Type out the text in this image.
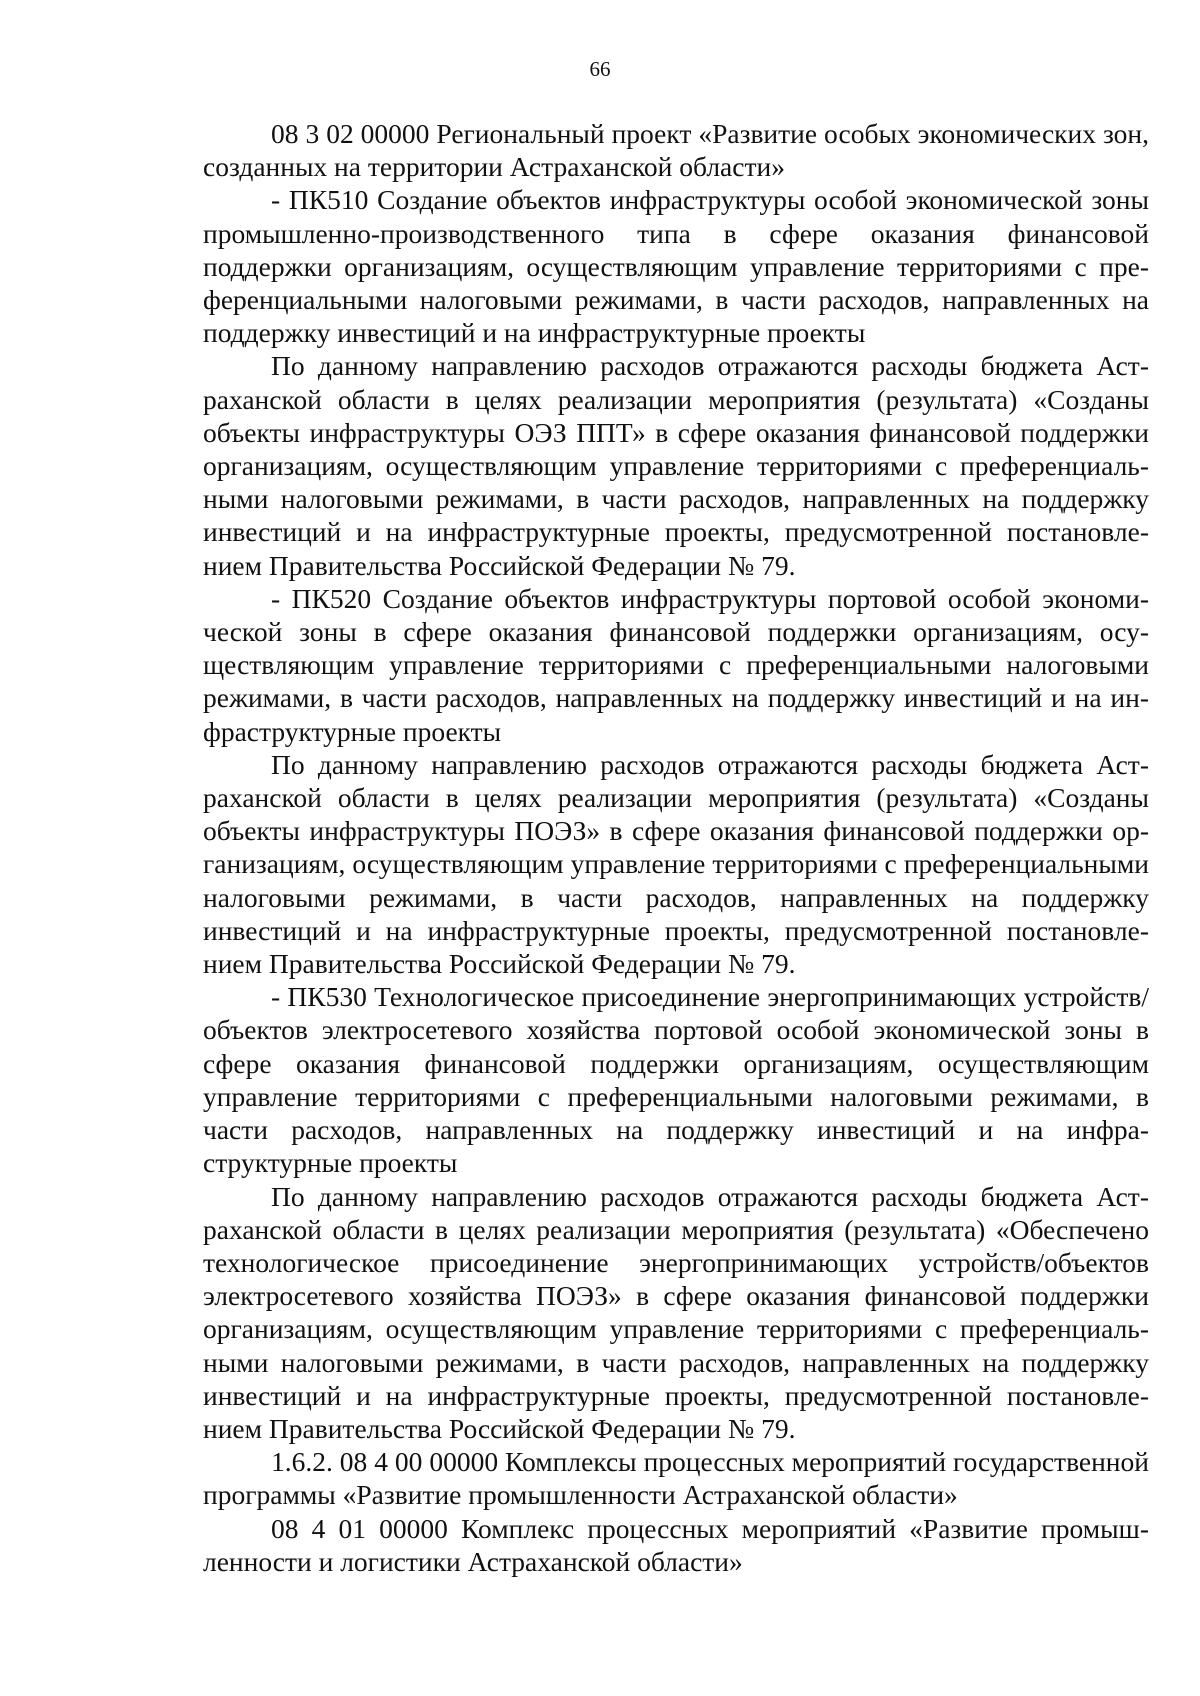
66

08 3 02 00000 Региональный проект «Развитие особых экономических зон, созданных на территории Астраханской области»

- ПК510 Создание объектов инфраструктуры особой экономической зоны промышленно-производственного типа в сфере оказания финансовой поддержки организациям, осуществляющим управление территориями с преференциальными налоговыми режимами, в части расходов, направленных на поддержку инвестиций и на инфраструктурные проекты

По данному направлению расходов отражаются расходы бюджета Астраханской области в целях реализации мероприятия (результата) «Созданы объекты инфраструктуры ОЭЗ ППТ» в сфере оказания финансовой поддержки организациям, осуществляющим управление территориями с преференциальными налоговыми режимами, в части расходов, направленных на поддержку инвестиций и на инфраструктурные проекты, предусмотренной постановлением Правительства Российской Федерации № 79.

- ПК520 Создание объектов инфраструктуры портовой особой экономической зоны в сфере оказания финансовой поддержки организациям, осуществляющим управление территориями с преференциальными налоговыми режимами, в части расходов, направленных на поддержку инвестиций и на инфраструктурные проекты

По данному направлению расходов отражаются расходы бюджета Астраханской области в целях реализации мероприятия (результата) «Созданы объекты инфраструктуры ПОЭЗ» в сфере оказания финансовой поддержки организациям, осуществляющим управление территориями с преференциальными налоговыми режимами, в части расходов, направленных на поддержку инвестиций и на инфраструктурные проекты, предусмотренной постановлением Правительства Российской Федерации № 79.

- ПК530 Технологическое присоединение энергопринимающих устройств/объектов электросетевого хозяйства портовой особой экономической зоны в сфере оказания финансовой поддержки организациям, осуществляющим управление территориями с преференциальными налоговыми режимами, в части расходов, направленных на поддержку инвестиций и на инфраструктурные проекты

По данному направлению расходов отражаются расходы бюджета Астраханской области в целях реализации мероприятия (результата) «Обеспечено технологическое присоединение энергопринимающих устройств/объектов электросетевого хозяйства ПОЭЗ» в сфере оказания финансовой поддержки организациям, осуществляющим управление территориями с преференциальными налоговыми режимами, в части расходов, направленных на поддержку инвестиций и на инфраструктурные проекты, предусмотренной постановлением Правительства Российской Федерации № 79.

1.6.2. 08 4 00 00000 Комплексы процессных мероприятий государственной программы «Развитие промышленности Астраханской области»

08 4 01 00000 Комплекс процессных мероприятий «Развитие промышленности и логистики Астраханской области»
